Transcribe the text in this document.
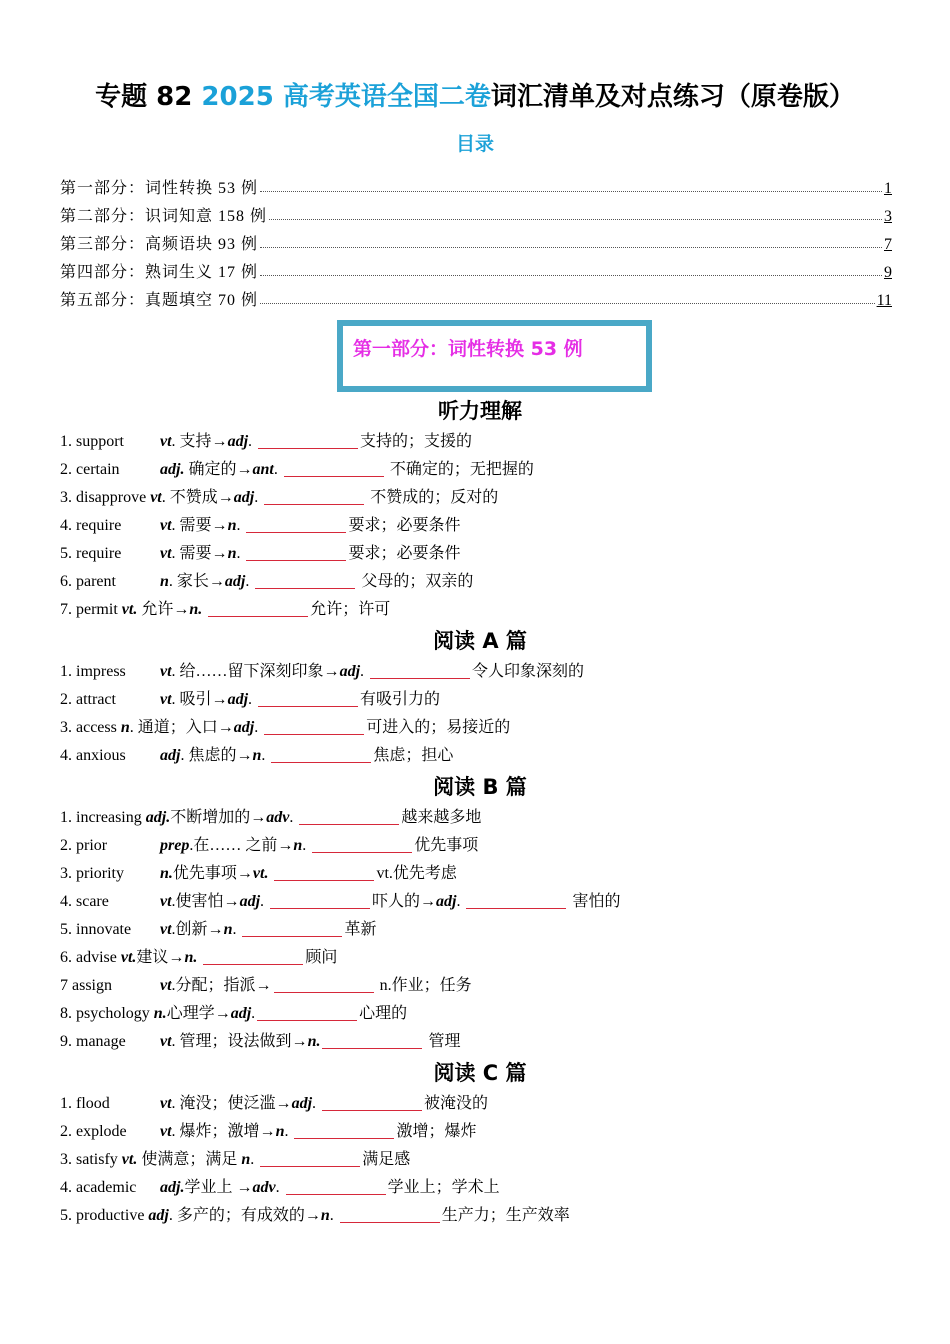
专题 82 2025 高考英语全国二卷词汇清单及对点练习（原卷版）
目录
第一部分：词性转换 53 例	1
第二部分：识词知意 158 例	3
第三部分：高频语块 93 例	7
第四部分：熟词生义 17 例	9
第五部分：真题填空 70 例	11
第一部分：词性转换 53 例
听力理解
1. support vt. 支持→adj.	支持的；支援的
2. certain	adj. 确定的→ant.	不确定的；无把握的
3. disapprove vt. 不赞成→adj.	不赞成的；反对的
4. require vt. 需要→n.	要求；必要条件
5. require vt. 需要→n.	要求；必要条件
6. parent	n. 家长→adj.	父母的；双亲的
7. permit vt. 允许→n.	允许；许可
阅读 A 篇
1. impress vt. 给……留下深刻印象→adj.	令人印象深刻的
2. attract	vt. 吸引→adj.	有吸引力的
3. access n. 通道；入口→adj.	可进入的；易接近的
4. anxious adj. 焦虑的→n.	焦虑；担心
阅读 B 篇
1. increasing adj.不断增加的→adv.	越来越多地
2. prior	prep.在…… 之前→n.	优先事项
3. priority n.优先事项→vt.	vt.优先考虑
4. scare	vt.使害怕→adj.	吓人的→adj.	害怕的
5. innovate vt.创新→n.	革新
6. advise vt.建议→n.	顾问
7 assign	vt.分配；指派→	n.作业；任务
8. psychology n.心理学→adj.	心理的
9. manage vt. 管理；设法做到→n.	管理
阅读 C 篇
1. flood	vt. 淹没；使泛滥→adj.	被淹没的
2. explode vt. 爆炸；激增→n.	激增；爆炸
3. satisfy vt. 使满意；满足 n.	满足感
4. academic adj.学业上 →adv.	学业上；学术上
5. productive adj. 多产的；有成效的→n.	生产力；生产效率
